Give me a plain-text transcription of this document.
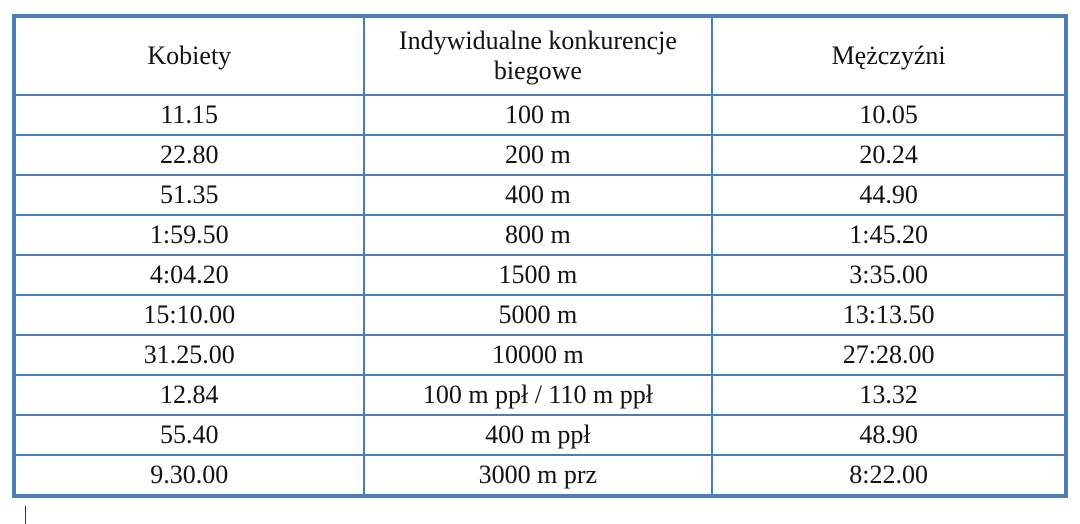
Kobiety	Indywidualne konkurencje biegowe	Mężczyźni
11.15	100 m	10.05
22.80	200 m	20.24
51.35	400 m	44.90
1:59.50	800 m	1:45.20
4:04.20	1500 m	3:35.00
15:10.00	5000 m	13:13.50
31.25.00	10000 m	27:28.00
12.84	100 m ppł / 110 m ppł	13.32
55.40	400 m ppł	48.90
9.30.00	3000 m prz	8:22.00
